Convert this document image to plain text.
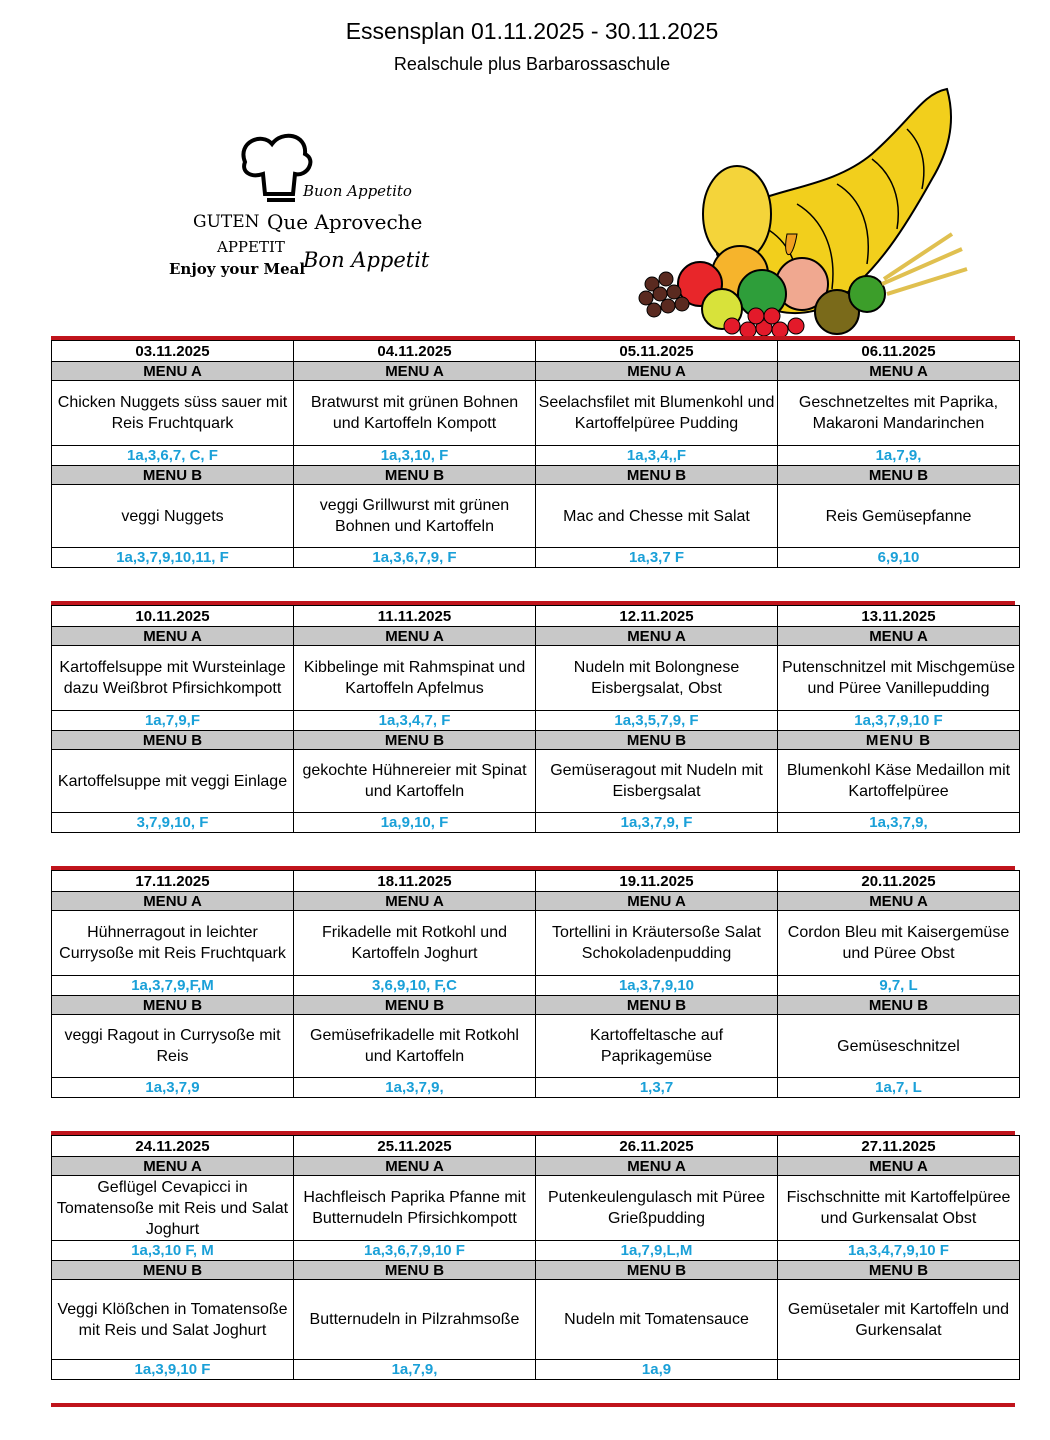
Essensplan 01.11.2025 - 30.11.2025
Realschule plus Barbarossaschule
Buon Appetito
GUTEN Que Aproveche
APPETIT
Enjoy your Meal
Bon Appetit
03.11.2025	04.11.2025	05.11.2025	06.11.2025
MENU A	MENU A	MENU A	MENU A
Chicken Nuggets süss sauer mit Reis Fruchtquark	Bratwurst mit grünen Bohnen und Kartoffeln Kompott	Seelachsfilet mit Blumenkohl und Kartoffelpüree Pudding	Geschnetzeltes mit Paprika, Makaroni Mandarinchen
1a,3,6,7, C, F	1a,3,10, F	1a,3,4,,F	1a,7,9,
MENU B	MENU B	MENU B	MENU B
veggi Nuggets	veggi Grillwurst mit grünen Bohnen und Kartoffeln	Mac and Chesse mit Salat	Reis Gemüsepfanne
1a,3,7,9,10,11, F	1a,3,6,7,9, F	1a,3,7 F	6,9,10
10.11.2025	11.11.2025	12.11.2025	13.11.2025
MENU A	MENU A	MENU A	MENU A
Kartoffelsuppe mit Wursteinlage dazu Weißbrot Pfirsichkompott	Kibbelinge mit Rahmspinat und Kartoffeln Apfelmus	Nudeln mit Bolongnese Eisbergsalat, Obst	Putenschnitzel mit Mischgemüse und Püree Vanillepudding
1a,7,9,F	1a,3,4,7, F	1a,3,5,7,9, F	1a,3,7,9,10 F
MENU B	MENU B	MENU B	MENU B
Kartoffelsuppe mit veggi Einlage	gekochte Hühnereier mit Spinat und Kartoffeln	Gemüseragout mit Nudeln mit Eisbergsalat	Blumenkohl Käse Medaillon mit Kartoffelpüree
3,7,9,10, F	1a,9,10, F	1a,3,7,9, F	1a,3,7,9,
17.11.2025	18.11.2025	19.11.2025	20.11.2025
MENU A	MENU A	MENU A	MENU A
Hühnerragout in leichter Currysoße mit Reis Fruchtquark	Frikadelle mit Rotkohl und Kartoffeln Joghurt	Tortellini in Kräutersoße Salat Schokoladenpudding	Cordon Bleu mit Kaisergemüse und Püree Obst
1a,3,7,9,F,M	3,6,9,10, F,C	1a,3,7,9,10	9,7, L
MENU B	MENU B	MENU B	MENU B
veggi Ragout in Currysoße mit Reis	Gemüsefrikadelle mit Rotkohl und Kartoffeln	Kartoffeltasche auf Paprikagemüse	Gemüseschnitzel
1a,3,7,9	1a,3,7,9,	1,3,7	1a,7, L
24.11.2025	25.11.2025	26.11.2025	27.11.2025
MENU A	MENU A	MENU A	MENU A
Geflügel Cevapicci in Tomatensoße mit Reis und Salat Joghurt	Hachfleisch Paprika Pfanne mit Butternudeln Pfirsichkompott	Putenkeulengulasch mit Püree Grießpudding	Fischschnitte mit Kartoffelpüree und Gurkensalat Obst
1a,3,10 F, M	1a,3,6,7,9,10 F	1a,7,9,L,M	1a,3,4,7,9,10 F
MENU B	MENU B	MENU B	MENU B
Veggi Klößchen in Tomatensoße mit Reis und Salat Joghurt	Butternudeln in Pilzrahmsoße	Nudeln mit Tomatensauce	Gemüsetaler mit Kartoffeln und Gurkensalat
1a,3,9,10 F	1a,7,9,	1a,9	
